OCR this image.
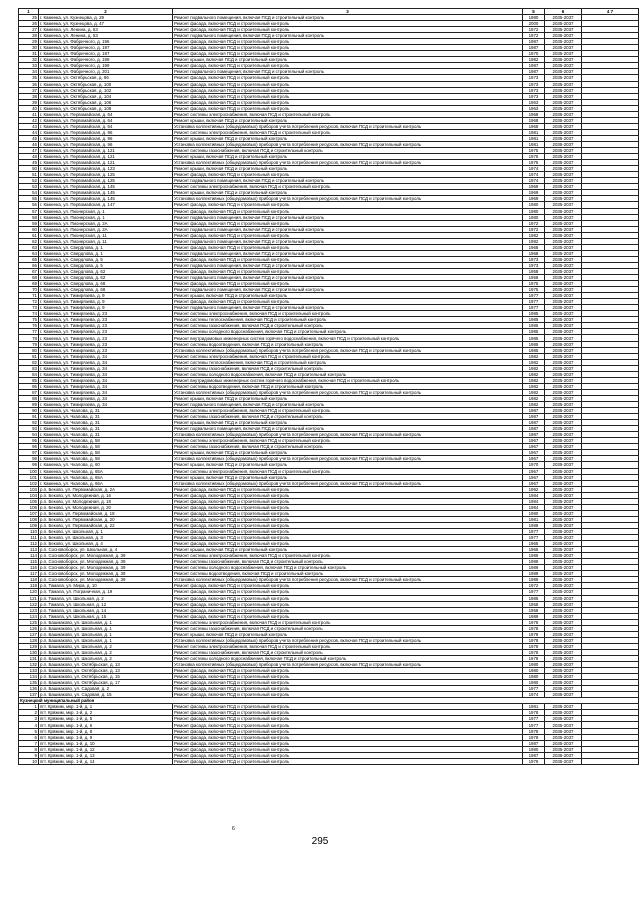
1	2	3	5	6	4 7
25	г. Каменка, ул. Кузнецова, д. 29	Ремонт подвального помещения, включая ПСД и строительный контроль	1980	2035-2037	
26	г. Каменка, ул. Кузнецова, д. 47	Ремонт фасада, включая ПСД и строительный контроль	2000	2035-2037	
27	г. Каменка, ул. Ленина, д. 53	Ремонт фасада, включая ПСД и строительный контроль	1972	2035-2037	
28	г. Каменка, ул. Ленина, д. 53	Ремонт подвального помещения, включая ПСД и строительный контроль	1972	2035-2037	
29	г. Каменка, ул. Фабричного, д. 196	Ремонт фасада, включая ПСД и строительный контроль	1987	2035-2037	
30	г. Каменка, ул. Фабричного, д. 197	Ремонт фасада, включая ПСД и строительный контроль	1987	2035-2037	
31	г. Каменка, ул. Фабричного, д. 197	Ремонт фасада, включая ПСД и строительный контроль	1970	2035-2037	
32	г. Каменка, ул. Фабричного, д. 198	Ремонт крыши, включая ПСД и строительный контроль	1982	2035-2037	
33	г. Каменка, ул. Фабричного, д. 199	Ремонт фасада, включая ПСД и строительный контроль	1987	2035-2037	
34	г. Каменка, ул. Фабричного, д. 201	Ремонт подвального помещения, включая ПСД и строительный контроль	1987	2035-2037	
35	г. Каменка, ул. Октябрьская, д. 96	Ремонт фасада, включая ПСД и строительный контроль	1973	2035-2037	
36	г. Каменка, ул. Октябрьская, д. 100	Ремонт фасада, включая ПСД и строительный контроль	1973	2035-2037	
37	г. Каменка, ул. Октябрьская, д. 102	Ремонт фасада, включая ПСД и строительный контроль	1973	2035-2037	
38	г. Каменка, ул. Октябрьская, д. 104	Ремонт фасада, включая ПСД и строительный контроль	1973	2035-2037	
39	г. Каменка, ул. Октябрьская, д. 106	Ремонт фасада, включая ПСД и строительный контроль	1963	2035-2037	
40	г. Каменка, ул. Октябрьская, д. 108	Ремонт фасада, включая ПСД и строительный контроль	1963	2035-2037	
41	г. Каменка, ул. Первомайская, д. 64	Ремонт системы электроснабжения, включая ПСД и строительный контроль	1968	2035-2037	
42	г. Каменка, ул. Первомайская, д. 64	Ремонт крыши, включая ПСД и строительный контроль	1968	2035-2037	
43	г. Каменка, ул. Первомайская, д. 64	Установка коллективных (общедомовых) приборов учета потребления ресурсов, включая ПСД и строительный контроль	1968	2035-2037	
44	г. Каменка, ул. Первомайская, д. 96	Ремонт системы электроснабжения, включая ПСД и строительный контроль	1981	2035-2037	
45	г. Каменка, ул. Первомайская, д. 96	Ремонт крыши, включая ПСД и строительный контроль	1981	2035-2037	
46	г. Каменка, ул. Первомайская, д. 96	Установка коллективных (общедомовых) приборов учета потребления ресурсов, включая ПСД и строительный контроль	1981	2035-2037	
47	г. Каменка, ул. Первомайская, д. 121	Ремонт системы газоснабжения, включая ПСД и строительный контроль	1975	2035-2037	
48	г. Каменка, ул. Первомайская, д. 121	Ремонт крыши, включая ПСД и строительный контроль	1975	2035-2037	
49	г. Каменка, ул. Первомайская, д. 121	Установка коллективных (общедомовых) приборов учета потребления ресурсов, включая ПСД и строительный контроль	1975	2035-2037	
50	г. Каменка, ул. Первомайская, д. 123	Ремонт крыши, включая ПСД и строительный контроль	1974	2035-2037	
51	г. Каменка, ул. Первомайская, д. 125	Ремонт фасада, включая ПСД и строительный контроль	1974	2035-2037	
52	г. Каменка, ул. Первомайская, д. 125	Ремонт подвального помещения, включая ПСД и строительный контроль	1974	2035-2037	
53	г. Каменка, ул. Первомайская, д. 145	Ремонт системы электроснабжения, включая ПСД и строительный контроль	1969	2035-2037	
54	г. Каменка, ул. Первомайская, д. 145	Ремонт крыши, включая ПСД и строительный контроль	1969	2035-2037	
55	г. Каменка, ул. Первомайская, д. 145	Установка коллективных (общедомовых) приборов учета потребления ресурсов, включая ПСД и строительный контроль	1969	2035-2037	
56	г. Каменка, ул. Первомайская, д. 147	Ремонт фасада, включая ПСД и строительный контроль	1980	2035-2037	
57	г. Каменка, ул. Пионерская, д. 1	Ремонт фасада, включая ПСД и строительный контроль	1980	2035-2037	
58	г. Каменка, ул. Пионерская, д. 1	Ремонт подвального помещения, включая ПСД и строительный контроль	1980	2035-2037	
59	г. Каменка, ул. Пионерская, д. 2А	Ремонт фасада, включая ПСД и строительный контроль	1972	2035-2037	
60	г. Каменка, ул. Пионерская, д. 2А	Ремонт подвального помещения, включая ПСД и строительный контроль	1972	2035-2037	
61	г. Каменка, ул. Пионерская, д. 11	Ремонт фасада, включая ПСД и строительный контроль	1982	2035-2037	
62	г. Каменка, ул. Пионерская, д. 11	Ремонт подвального помещения, включая ПСД и строительный контроль	1982	2035-2037	
63	г. Каменка, ул. Свердлова, д. 1	Ремонт фасада, включая ПСД и строительный контроль	1968	2035-2037	
64	г. Каменка, ул. Свердлова, д. 1	Ремонт подвального помещения, включая ПСД и строительный контроль	1968	2035-2037	
65	г. Каменка, ул. Свердлова, д. 5	Ремонт фасада, включая ПСД и строительный контроль	1973	2035-2037	
66	г. Каменка, ул. Свердлова, д. 5	Ремонт подвального помещения, включая ПСД и строительный контроль	1973	2035-2037	
67	г. Каменка, ул. Свердлова, д. 62	Ремонт фасада, включая ПСД и строительный контроль	1958	2035-2037	
68	г. Каменка, ул. Свердлова, д. 62	Ремонт подвального помещения, включая ПСД и строительный контроль	1958	2035-2037	
69	г. Каменка, ул. Свердлова, д. 68	Ремонт фасада, включая ПСД и строительный контроль	1975	2035-2037	
70	г. Каменка, ул. Свердлова, д. 68	Ремонт подвального помещения, включая ПСД и строительный контроль	1975	2035-2037	
71	г. Каменка, ул. Тимирязева, д. 9	Ремонт крыши, включая ПСД и строительный контроль	1977	2035-2037	
72	г. Каменка, ул. Тимирязева, д. 9	Ремонт фасада, включая ПСД и строительный контроль	1977	2035-2037	
73	г. Каменка, ул. Тимирязева, д. 9	Ремонт подвального помещения, включая ПСД и строительный контроль	1977	2035-2037	
74	г. Каменка, ул. Тимирязева, д. 23	Ремонт системы электроснабжения, включая ПСД и строительный контроль	1985	2035-2037	
75	г. Каменка, ул. Тимирязева, д. 23	Ремонт системы теплоснабжения, включая ПСД и строительный контроль	1985	2035-2037	
76	г. Каменка, ул. Тимирязева, д. 23	Ремонт системы газоснабжения, включая ПСД и строительный контроль	1985	2035-2037	
77	г. Каменка, ул. Тимирязева, д. 23	Ремонт системы холодного водоснабжения, включая ПСД и строительный контроль	1985	2035-2037	
78	г. Каменка, ул. Тимирязева, д. 23	Ремонт внутридомовых инженерных систем горячего водоснабжения, включая ПСД и строительный контроль	1985	2035-2037	
79	г. Каменка, ул. Тимирязева, д. 23	Ремонт системы водоотведения, включая ПСД и строительный контроль	1985	2035-2037	
80	г. Каменка, ул. Тимирязева, д. 23	Установка коллективных (общедомовых) приборов учета потребления ресурсов, включая ПСД и строительный контроль	1985	2035-2037	
81	г. Каменка, ул. Тимирязева, д. 34	Ремонт системы электроснабжения, включая ПСД и строительный контроль	1982	2035-2037	
82	г. Каменка, ул. Тимирязева, д. 34	Ремонт системы теплоснабжения, включая ПСД и строительный контроль	1982	2035-2037	
83	г. Каменка, ул. Тимирязева, д. 34	Ремонт системы газоснабжения, включая ПСД и строительный контроль	1982	2035-2037	
84	г. Каменка, ул. Тимирязева, д. 34	Ремонт системы холодного водоснабжения, включая ПСД и строительный контроль	1982	2035-2037	
85	г. Каменка, ул. Тимирязева, д. 34	Ремонт внутридомовых инженерных систем горячего водоснабжения, включая ПСД и строительный контроль	1982	2035-2037	
86	г. Каменка, ул. Тимирязева, д. 34	Ремонт системы водоотведения, включая ПСД и строительный контроль	1982	2035-2037	
87	г. Каменка, ул. Тимирязева, д. 34	Установка коллективных (общедомовых) приборов учета потребления ресурсов, включая ПСД и строительный контроль	1982	2035-2037	
88	г. Каменка, ул. Тимирязева, д. 34	Ремонт крыши, включая ПСД и строительный контроль	1982	2035-2037	
89	г. Каменка, ул. Тимирязева, д. 34	Ремонт подвального помещения, включая ПСД и строительный контроль	1982	2035-2037	
90	г. Каменка, ул. Чкалова, д. 31	Ремонт системы электроснабжения, включая ПСД и строительный контроль	1987	2035-2037	
91	г. Каменка, ул. Чкалова, д. 31	Ремонт системы газоснабжения, включая ПСД и строительный контроль	1987	2035-2037	
92	г. Каменка, ул. Чкалова, д. 31	Ремонт крыши, включая ПСД и строительный контроль	1987	2035-2037	
93	г. Каменка, ул. Чкалова, д. 31	Ремонт подвального помещения, включая ПСД и строительный контроль	1987	2035-2037	
94	г. Каменка, ул. Чкалова, д. 31	Установка коллективных (общедомовых) приборов учета потребления ресурсов, включая ПСД и строительный контроль	1987	2035-2037	
95	г. Каменка, ул. Чкалова, д. 58	Ремонт системы электроснабжения, включая ПСД и строительный контроль	1967	2035-2037	
96	г. Каменка, ул. Чкалова, д. 58	Ремонт системы газоснабжения, включая ПСД и строительный контроль	1967	2035-2037	
97	г. Каменка, ул. Чкалова, д. 58	Ремонт крыши, включая ПСД и строительный контроль	1967	2035-2037	
98	г. Каменка, ул. Чкалова, д. 58	Установка коллективных (общедомовых) приборов учета потребления ресурсов, включая ПСД и строительный контроль	1967	2035-2037	
99	г. Каменка, ул. Чкалова, д. 60	Ремонт крыши, включая ПСД и строительный контроль	1970	2035-2037	
100	г. Каменка, ул. Чкалова, д. 65А	Ремонт системы электроснабжения, включая ПСД и строительный контроль	1967	2035-2037	
101	г. Каменка, ул. Чкалова, д. 65А	Ремонт крыши, включая ПСД и строительный контроль	1967	2035-2037	
102	г. Каменка, ул. Чкалова, д. 65А	Установка коллективных (общедомовых) приборов учета потребления ресурсов, включая ПСД и строительный контроль	1967	2035-2037	
103	р.п. Беково, ул. Первомайская, д. 2А	Ремонт фасада, включая ПСД и строительный контроль	1992	2035-2037	
104	р.п. Беково, ул. Молодежная, д. 16	Ремонт фасада, включая ПСД и строительный контроль	1984	2035-2037	
105	р.п. Беково, ул. Молодежная, д. 18	Ремонт фасада, включая ПСД и строительный контроль	1984	2035-2037	
106	р.п. Беково, ул. Молодежная, д. 20	Ремонт фасада, включая ПСД и строительный контроль	1984	2035-2037	
107	р.п. Беково, ул. Первомайская, д. 18	Ремонт фасада, включая ПСД и строительный контроль	1980	2035-2037	
108	р.п. Беково, ул. Первомайская, д. 20	Ремонт фасада, включая ПСД и строительный контроль	1981	2035-2037	
109	р.п. Беково, ул. Первомайская, д. 22	Ремонт фасада, включая ПСД и строительный контроль	1988	2035-2037	
110	р.п. Беково, ул. Школьная, д. 1	Ремонт фасада, включая ПСД и строительный контроль	1977	2035-2037	
111	р.п. Беково, ул. Школьная, д. 3	Ремонт фасада, включая ПСД и строительный контроль	1977	2035-2037	
112	р.п. Беково, ул. Школьная, д. 4	Ремонт фасада, включая ПСД и строительный контроль	1965	2035-2037	
113	р.п. Сосновоборск, ул. Школьная, д. 4	Ремонт крыши, включая ПСД и строительный контроль	1965	2035-2037	
114	р.п. Сосновоборск, ул. Молодежная, д. 39	Ремонт системы электроснабжения, включая ПСД и строительный контроль	1989	2035-2037	
115	р.п. Сосновоборск, ул. Молодежная, д. 39	Ремонт системы газоснабжения, включая ПСД и строительный контроль	1989	2035-2037	
116	р.п. Сосновоборск, ул. Молодежная, д. 39	Ремонт системы холодного водоснабжения, включая ПСД и строительный контроль	1989	2035-2037	
117	р.п. Сосновоборск, ул. Молодежная, д. 39	Ремонт системы водоотведения, включая ПСД и строительный контроль	1989	2035-2037	
118	р.п. Сосновоборск, ул. Молодежная, д. 39	Установка коллективных (общедомовых) приборов учета потребления ресурсов, включая ПСД и строительный контроль	1989	2035-2037	
119	р.п. Тамала, ул. Мира, д. 10	Ремонт фасада, включая ПСД и строительный контроль	1972	2035-2037	
120	р.п. Тамала, ул. Пограничная, д. 19	Ремонт фасада, включая ПСД и строительный контроль	1977	2035-2037	
121	р.п. Тамала, ул. Школьная, д. 2	Ремонт фасада, включая ПСД и строительный контроль	1985	2035-2037	
122	р.п. Тамала, ул. Школьная, д. 12	Ремонт фасада, включая ПСД и строительный контроль	1958	2035-2037	
123	р.п. Тамала, ул. Школьная, д. 14	Ремонт фасада, включая ПСД и строительный контроль	1958	2035-2037	
124	р.п. Тамала, ул. Школьная, д. 15	Ремонт фасада, включая ПСД и строительный контроль	1989	2035-2037	
125	р.п. Башмаково, ул. Школьная, д. 1	Ремонт системы электроснабжения, включая ПСД и строительный контроль	1978	2035-2037	
126	р.п. Башмаково, ул. Школьная, д. 1	Ремонт системы газоснабжения, включая ПСД и строительный контроль	1978	2035-2037	
127	р.п. Башмаково, ул. Школьная, д. 1	Ремонт крыши, включая ПСД и строительный контроль	1978	2035-2037	
128	р.п. Башмаково, ул. Школьная, д. 1	Установка коллективных (общедомовых) приборов учета потребления ресурсов, включая ПСД и строительный контроль	1978	2035-2037	
129	р.п. Башмаково, ул. Школьная, д. 2	Ремонт системы электроснабжения, включая ПСД и строительный контроль	1978	2035-2037	
130	р.п. Башмаково, ул. Школьная, д. 2	Ремонт системы газоснабжения, включая ПСД и строительный контроль	1978	2035-2037	
131	р.п. Башмаково, ул. Школьная, д. 2	Ремонт системы холодного водоснабжения, включая ПСД и строительный контроль	1978	2035-2037	
132	р.п. Башмаково, ул. Октябрьская, д. 13	Установка коллективных (общедомовых) приборов учета потребления ресурсов, включая ПСД и строительный контроль	1980	2035-2037	
133	р.п. Башмаково, ул. Октябрьская, д. 13	Ремонт фасада, включая ПСД и строительный контроль	1980	2035-2037	
134	р.п. Башмаково, ул. Октябрьская, д. 15	Ремонт фасада, включая ПСД и строительный контроль	1980	2035-2037	
135	р.п. Башмаково, ул. Октябрьская, д. 17	Ремонт фасада, включая ПСД и строительный контроль	1980	2035-2037	
136	р.п. Башмаково, ул. Садовая, д. 2	Ремонт фасада, включая ПСД и строительный контроль	1977	2035-2037	
137	р.п. Башмаково, ул. Садовая, д. 15	Ремонт фасада, включая ПСД и строительный контроль	1974	2035-2037	
Кузнецкий муниципальный район					
1	пгт. Кряжим, мкр. 1-й, д. 1	Ремонт фасада, включая ПСД и строительный контроль	1981	2035-2037	
2	пгт. Кряжим, мкр. 1-й, д. 2	Ремонт фасада, включая ПСД и строительный контроль	1978	2035-2037	
3	пгт. Кряжим, мкр. 1-й, д. 5	Ремонт фасада, включая ПСД и строительный контроль	1977	2035-2037	
4	пгт. Кряжим, мкр. 1-й, д. 6	Ремонт фасада, включая ПСД и строительный контроль	1977	2035-2037	
5	пгт. Кряжим, мкр. 1-й, д. 8	Ремонт фасада, включая ПСД и строительный контроль	1978	2035-2037	
6	пгт. Кряжим, мкр. 1-й, д. 9	Ремонт фасада, включая ПСД и строительный контроль	1978	2035-2037	
7	пгт. Кряжим, мкр. 1-й, д. 10	Ремонт фасада, включая ПСД и строительный контроль	1987	2035-2037	
8	пгт. Кряжим, мкр. 1-й, д. 12	Ремонт фасада, включая ПСД и строительный контроль	1980	2035-2037	
9	пгт. Кряжим, мкр. 1-й, д. 13	Ремонт фасада, включая ПСД и строительный контроль	1987	2035-2037	
10	пгт. Кряжим, мкр. 1-й, д. 14	Ремонт фасада, включая ПСД и строительный контроль	1979	2035-2037	
6
295
